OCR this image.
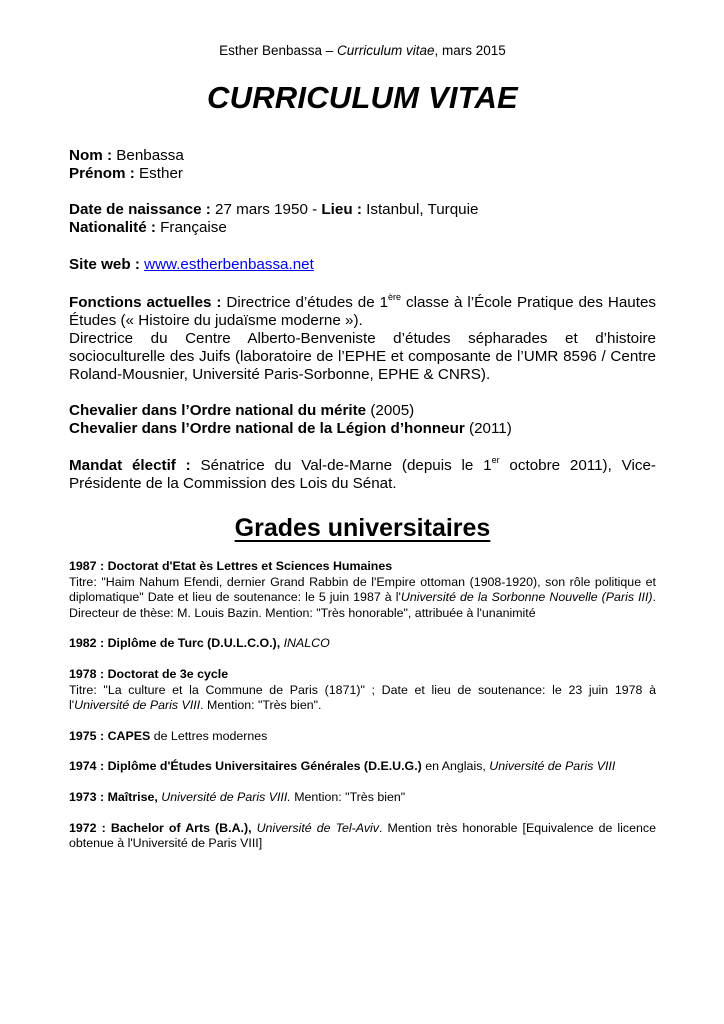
Esther Benbassa – Curriculum vitae, mars 2015
CURRICULUM VITAE
Nom : Benbassa
Prénom : Esther
Date de naissance : 27 mars 1950 - Lieu : Istanbul, Turquie
Nationalité : Française
Site web : www.estherbenbassa.net
Fonctions actuelles : Directrice d’études de 1ère classe à l’École Pratique des Hautes Études (« Histoire du judaïsme moderne »).
Directrice du Centre Alberto-Benveniste d’études sépharades et d’histoire socioculturelle des Juifs (laboratoire de l’EPHE et composante de l’UMR 8596 / Centre Roland-Mousnier, Université Paris-Sorbonne, EPHE & CNRS).
Chevalier dans l’Ordre national du mérite (2005)
Chevalier dans l’Ordre national de la Légion d’honneur (2011)
Mandat électif : Sénatrice du Val-de-Marne (depuis le 1er octobre 2011), Vice-Présidente de la Commission des Lois du Sénat.
Grades universitaires
1987 : Doctorat d'Etat ès Lettres et Sciences Humaines
Titre: "Haim Nahum Efendi, dernier Grand Rabbin de l'Empire ottoman (1908-1920), son rôle politique et diplomatique" Date et lieu de soutenance: le 5 juin 1987 à l'Université de la Sorbonne Nouvelle (Paris III). Directeur de thèse: M. Louis Bazin. Mention: "Très honorable", attribuée à l'unanimité
1982 : Diplôme de Turc (D.U.L.C.O.), INALCO
1978 : Doctorat de 3e cycle
Titre: "La culture et la Commune de Paris (1871)" ; Date et lieu de soutenance: le 23 juin 1978 à l'Université de Paris VIII. Mention: "Très bien".
1975 : CAPES de Lettres modernes
1974 : Diplôme d'Études Universitaires Générales (D.E.U.G.) en Anglais, Université de Paris VIII
1973 : Maîtrise, Université de Paris VIII. Mention: "Très bien"
1972 : Bachelor of Arts (B.A.), Université de Tel-Aviv. Mention très honorable [Equivalence de licence obtenue à l'Université de Paris VIII]
